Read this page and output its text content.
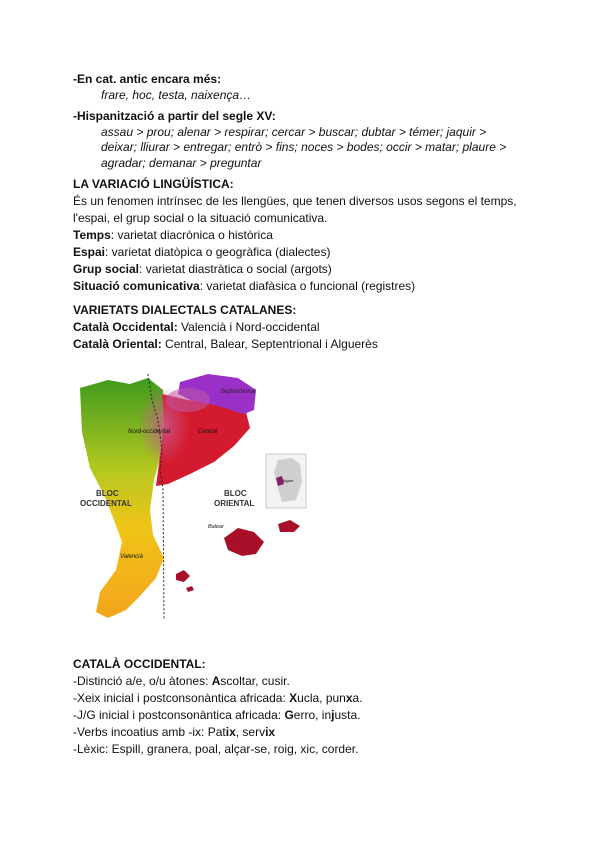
-En cat. antic encara més:
frare, hoc, testa, naixença…
-Hispanització a partir del segle XV:
assau > prou; alenar > respirar; cercar > buscar; dubtar > témer; jaquir >
deixar; lliurar > entregar; entrò > fins; noces > bodes; occir > matar; plaure >
agradar; demanar > preguntar
LA VARIACIÓ LINGÜÍSTICA:
És un fenomen intrínsec de les llengües, que tenen diversos usos segons el temps,
l'espai, el grup social o la situació comunicativa.
Temps: varietat diacrònica o històrica
Espai: varietat diatòpica o geogràfica (dialectes)
Grup social: varietat diastràtica o social (argots)
Situació comunicativa: varietat diafàsica o funcional (registres)
VARIETATS DIALECTALS CATALANES:
Català Occidental: Valencià i Nord-occidental
Català Oriental: Central, Balear, Septentrional i Alguerès
Septentrional
Nord-occidental	Central
BLOC
OCCIDENTAL
BLOC
ORIENTAL
Valencià
Balear
Alguer
CATALÀ OCCIDENTAL:
-Distinció a/e, o/u àtones: Ascoltar, cusir.
-Xeix inicial i postconsonàntica africada: Xucla, punxa.
-J/G inicial i postconsonàntica africada: Gerro, injusta.
-Verbs incoatius amb -ix: Patix, servix
-Lèxic: Espill, granera, poal, alçar-se, roig, xic, corder.
